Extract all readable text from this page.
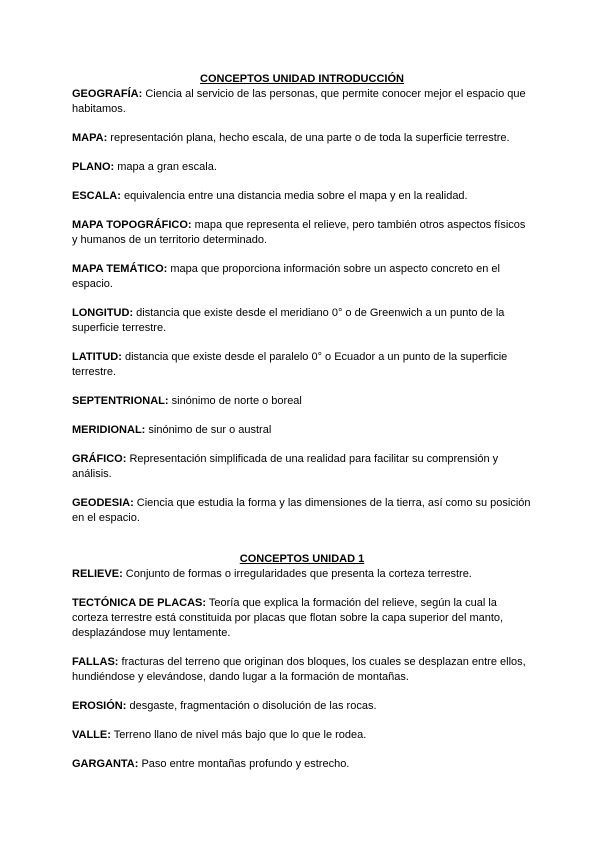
CONCEPTOS UNIDAD INTRODUCCIÓN

GEOGRAFÍA: Ciencia al servicio de las personas, que permite conocer mejor el espacio que habitamos.
MAPA: representación plana, hecho escala, de una parte o de toda la superficie terrestre.
PLANO: mapa a gran escala.
ESCALA: equivalencia entre una distancia media sobre el mapa y en la realidad.
MAPA TOPOGRÁFICO: mapa que representa el relieve, pero también otros aspectos físicos y humanos de un territorio determinado.
MAPA TEMÁTICO: mapa que proporciona información sobre un aspecto concreto en el espacio.
LONGITUD: distancia que existe desde el meridiano 0° o de Greenwich a un punto de la superficie terrestre.
LATITUD: distancia que existe desde el paralelo 0° o Ecuador a un punto de la superficie terrestre.
SEPTENTRIONAL: sinónimo de norte o boreal
MERIDIONAL: sinónimo de sur o austral
GRÁFICO: Representación simplificada de una realidad para facilitar su comprensión y análisis.
GEODESIA: Ciencia que estudia la forma y las dimensiones de la tierra, así como su posición en el espacio.

CONCEPTOS UNIDAD 1

RELIEVE: Conjunto de formas o irregularidades que presenta la corteza terrestre.
TECTÓNICA DE PLACAS: Teoría que explica la formación del relieve, según la cual la corteza terrestre está constituida por placas que flotan sobre la capa superior del manto, desplazándose muy lentamente.
FALLAS: fracturas del terreno que originan dos bloques, los cuales se desplazan entre ellos, hundiéndose y elevándose, dando lugar a la formación de montañas.
EROSIÓN: desgaste, fragmentación o disolución de las rocas.
VALLE: Terreno llano de nivel más bajo que lo que le rodea.
GARGANTA: Paso entre montañas profundo y estrecho.
